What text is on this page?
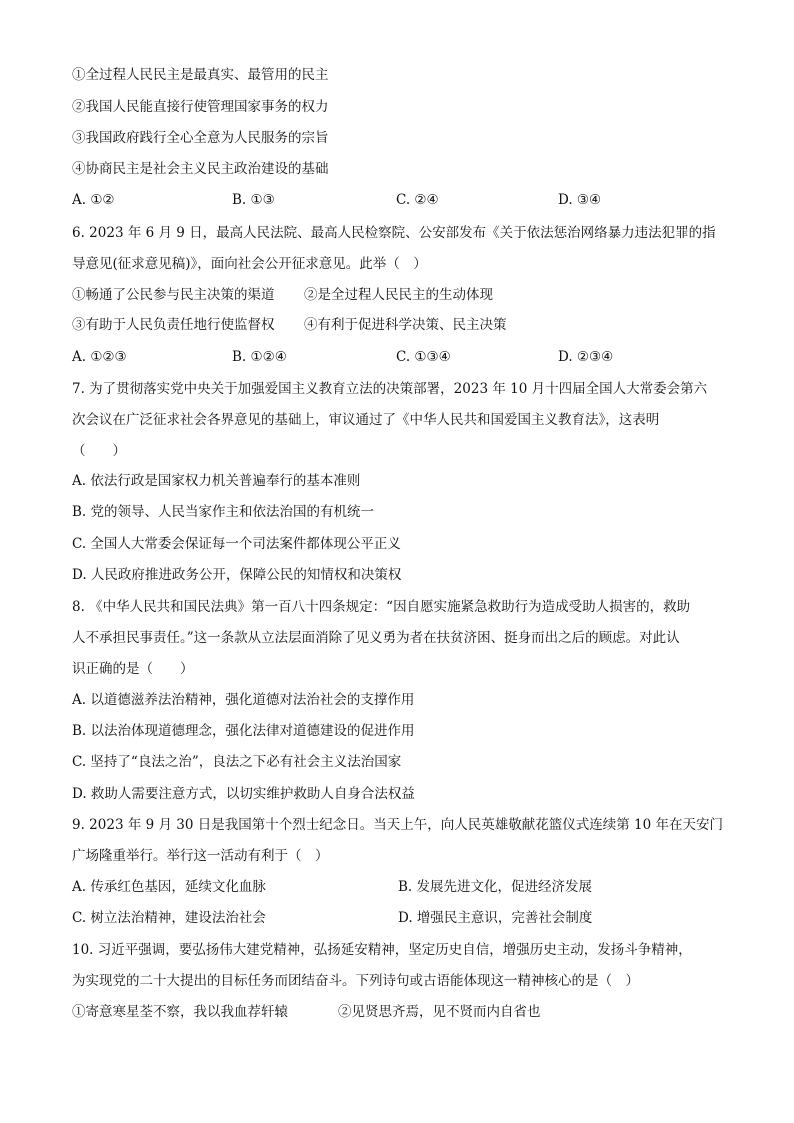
①全过程人民民主是最真实、最管用的民主
②我国人民能直接行使管理国家事务的权力
③我国政府践行全心全意为人民服务的宗旨
④协商民主是社会主义民主政治建设的基础
A. ①②	B. ①③	C. ②④	D. ③④
6. 2023 年 6 月 9 日，最高人民法院、最高人民检察院、公安部发布《关于依法惩治网络暴力违法犯罪的指
导意见(征求意见稿)》，面向社会公开征求意见。此举（　）
①畅通了公民参与民主决策的渠道 ②是全过程人民民主的生动体现
③有助于人民负责任地行使监督权 ④有利于促进科学决策、民主决策
A. ①②③	B. ①②④	C. ①③④	D. ②③④
7. 为了贯彻落实党中央关于加强爱国主义教育立法的决策部署，2023 年 10 月十四届全国人大常委会第六
次会议在广泛征求社会各界意见的基础上，审议通过了《中华人民共和国爱国主义教育法》，这表明
（　　）
A. 依法行政是国家权力机关普遍奉行的基本准则
B. 党的领导、人民当家作主和依法治国的有机统一
C. 全国人大常委会保证每一个司法案件都体现公平正义
D. 人民政府推进政务公开，保障公民的知情权和决策权
8. 《中华人民共和国民法典》第一百八十四条规定：“因自愿实施紧急救助行为造成受助人损害的，救助
人不承担民事责任。”这一条款从立法层面消除了见义勇为者在扶贫济困、挺身而出之后的顾虑。对此认
识正确的是（　　）
A. 以道德滋养法治精神，强化道德对法治社会的支撑作用
B. 以法治体现道德理念，强化法律对道德建设的促进作用
C. 坚持了“良法之治”，良法之下必有社会主义法治国家
D. 救助人需要注意方式，以切实维护救助人自身合法权益
9. 2023 年 9 月 30 日是我国第十个烈士纪念日。当天上午，向人民英雄敬献花篮仪式连续第 10 年在天安门
广场隆重举行。举行这一活动有利于（　）
A. 传承红色基因，延续文化血脉	B. 发展先进文化，促进经济发展
C. 树立法治精神，建设法治社会	D. 增强民主意识，完善社会制度
10. 习近平强调，要弘扬伟大建党精神，弘扬延安精神，坚定历史自信，增强历史主动，发扬斗争精神，
为实现党的二十大提出的目标任务而团结奋斗。下列诗句或古语能体现这一精神核心的是（　）
①寄意寒星荃不察，我以我血荐轩辕	②见贤思齐焉，见不贤而内自省也
